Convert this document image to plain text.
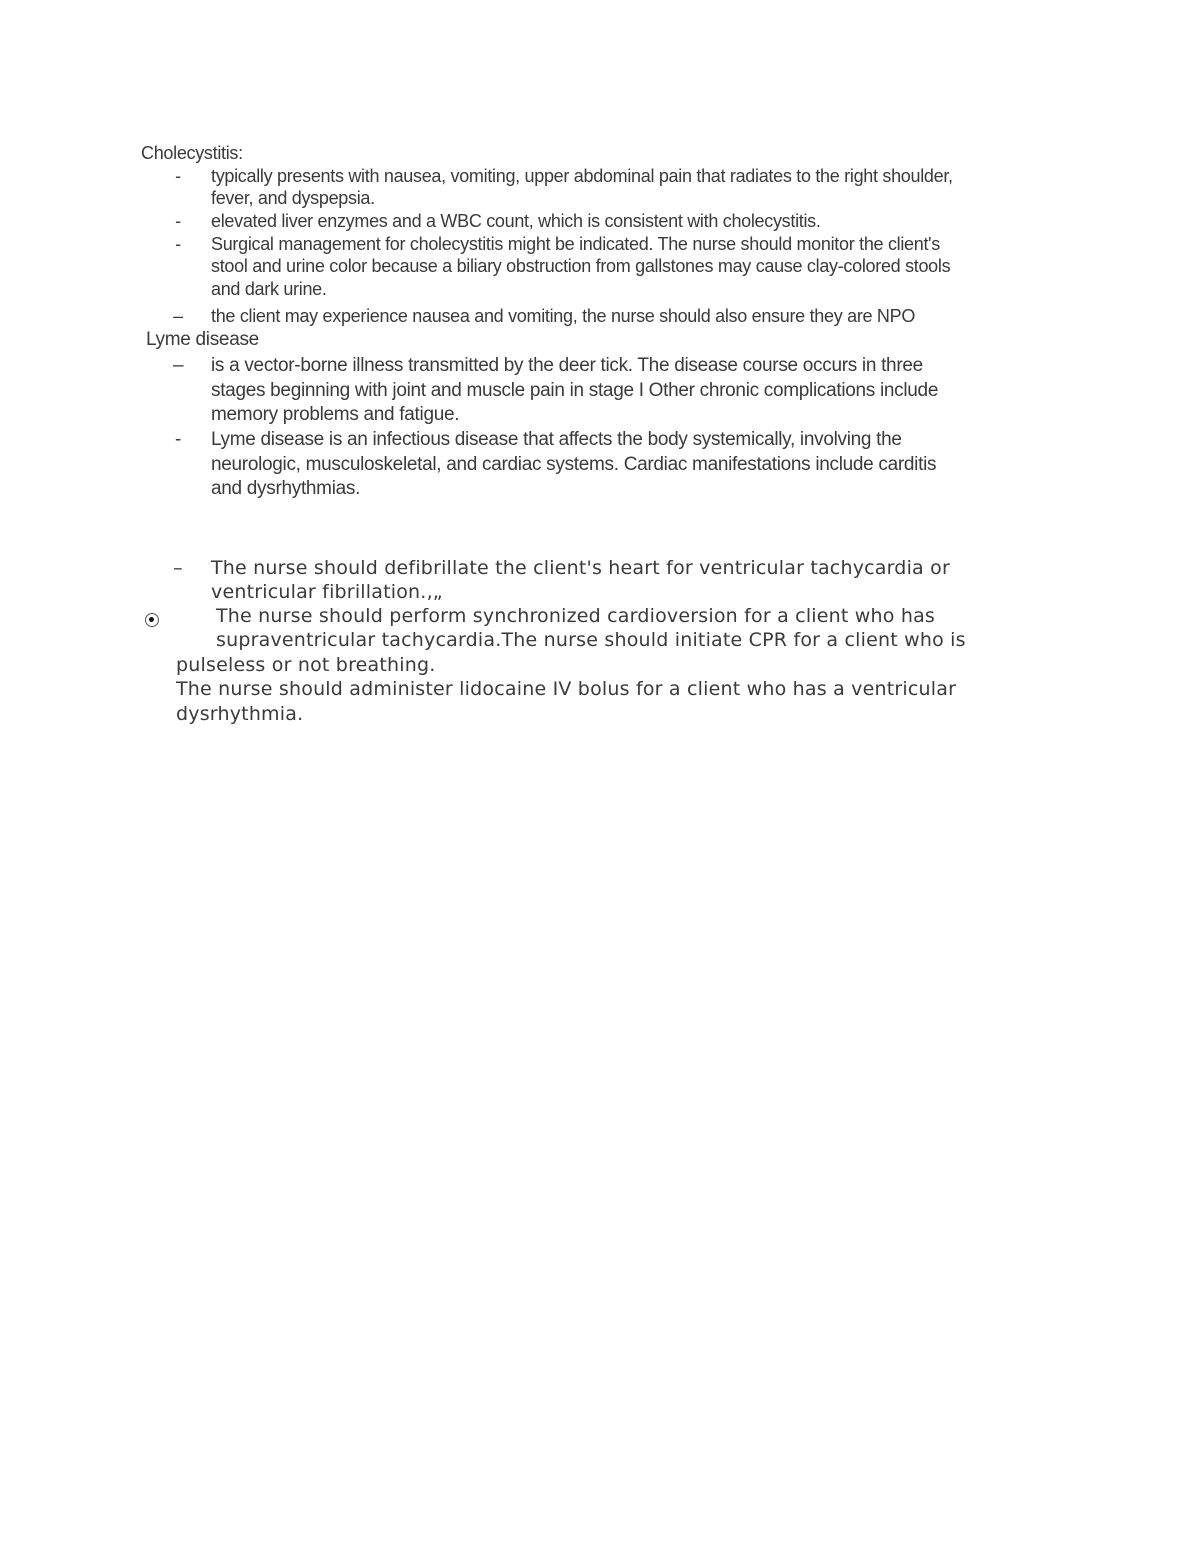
Cholecystitis:
- typically presents with nausea, vomiting, upper abdominal pain that radiates to the right shoulder,
fever, and dyspepsia.
- elevated liver enzymes and a WBC count, which is consistent with cholecystitis.
- Surgical management for cholecystitis might be indicated. The nurse should monitor the client's
stool and urine color because a biliary obstruction from gallstones may cause clay-colored stools
and dark urine.
– the client may experience nausea and vomiting, the nurse should also ensure they are NPO
Lyme disease
– is a vector-borne illness transmitted by the deer tick. The disease course occurs in three
stages beginning with joint and muscle pain in stage I Other chronic complications include
memory problems and fatigue.
- Lyme disease is an infectious disease that affects the body systemically, involving the
neurologic, musculoskeletal, and cardiac systems. Cardiac manifestations include carditis
and dysrhythmias.
– The nurse should defibrillate the client's heart for ventricular tachycardia or
ventricular fibrillation.‚„
The nurse should perform synchronized cardioversion for a client who has
supraventricular tachycardia.The nurse should initiate CPR for a client who is
pulseless or not breathing.
The nurse should administer lidocaine IV bolus for a client who has a ventricular
dysrhythmia.
